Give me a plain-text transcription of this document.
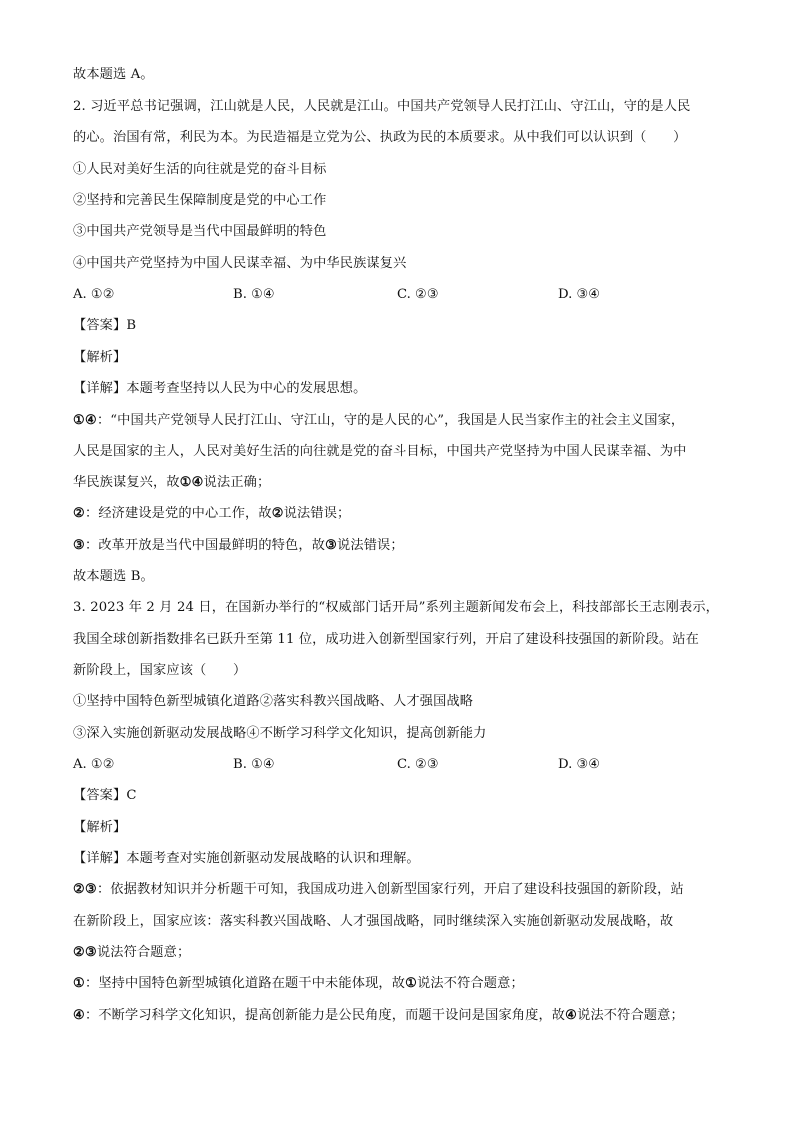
故本题选 A。
2. 习近平总书记强调，江山就是人民，人民就是江山。中国共产党领导人民打江山、守江山，守的是人民
的心。治国有常，利民为本。为民造福是立党为公、执政为民的本质要求。从中我们可以认识到（　　）
①人民对美好生活的向往就是党的奋斗目标
②坚持和完善民生保障制度是党的中心工作
③中国共产党领导是当代中国最鲜明的特色
④中国共产党坚持为中国人民谋幸福、为中华民族谋复兴
A. ①②	B. ①④	C. ②③	D. ③④
【答案】B
【解析】
【详解】本题考查坚持以人民为中心的发展思想。
①④：“中国共产党领导人民打江山、守江山，守的是人民的心”，我国是人民当家作主的社会主义国家，
人民是国家的主人，人民对美好生活的向往就是党的奋斗目标，中国共产党坚持为中国人民谋幸福、为中
华民族谋复兴，故①④说法正确；
②：经济建设是党的中心工作，故②说法错误；
③：改革开放是当代中国最鲜明的特色，故③说法错误；
故本题选 B。
3. 2023 年 2 月 24 日，在国新办举行的“权威部门话开局”系列主题新闻发布会上，科技部部长王志刚表示，
我国全球创新指数排名已跃升至第 11 位，成功进入创新型国家行列，开启了建设科技强国的新阶段。站在
新阶段上，国家应该（　　）
①坚持中国特色新型城镇化道路②落实科教兴国战略、人才强国战略
③深入实施创新驱动发展战略④不断学习科学文化知识，提高创新能力
A. ①②	B. ①④	C. ②③	D. ③④
【答案】C
【解析】
【详解】本题考查对实施创新驱动发展战略的认识和理解。
②③：依据教材知识并分析题干可知，我国成功进入创新型国家行列，开启了建设科技强国的新阶段，站
在新阶段上，国家应该：落实科教兴国战略、人才强国战略，同时继续深入实施创新驱动发展战略，故
②③说法符合题意；
①：坚持中国特色新型城镇化道路在题干中未能体现，故①说法不符合题意；
④：不断学习科学文化知识，提高创新能力是公民角度，而题干设问是国家角度，故④说法不符合题意；
